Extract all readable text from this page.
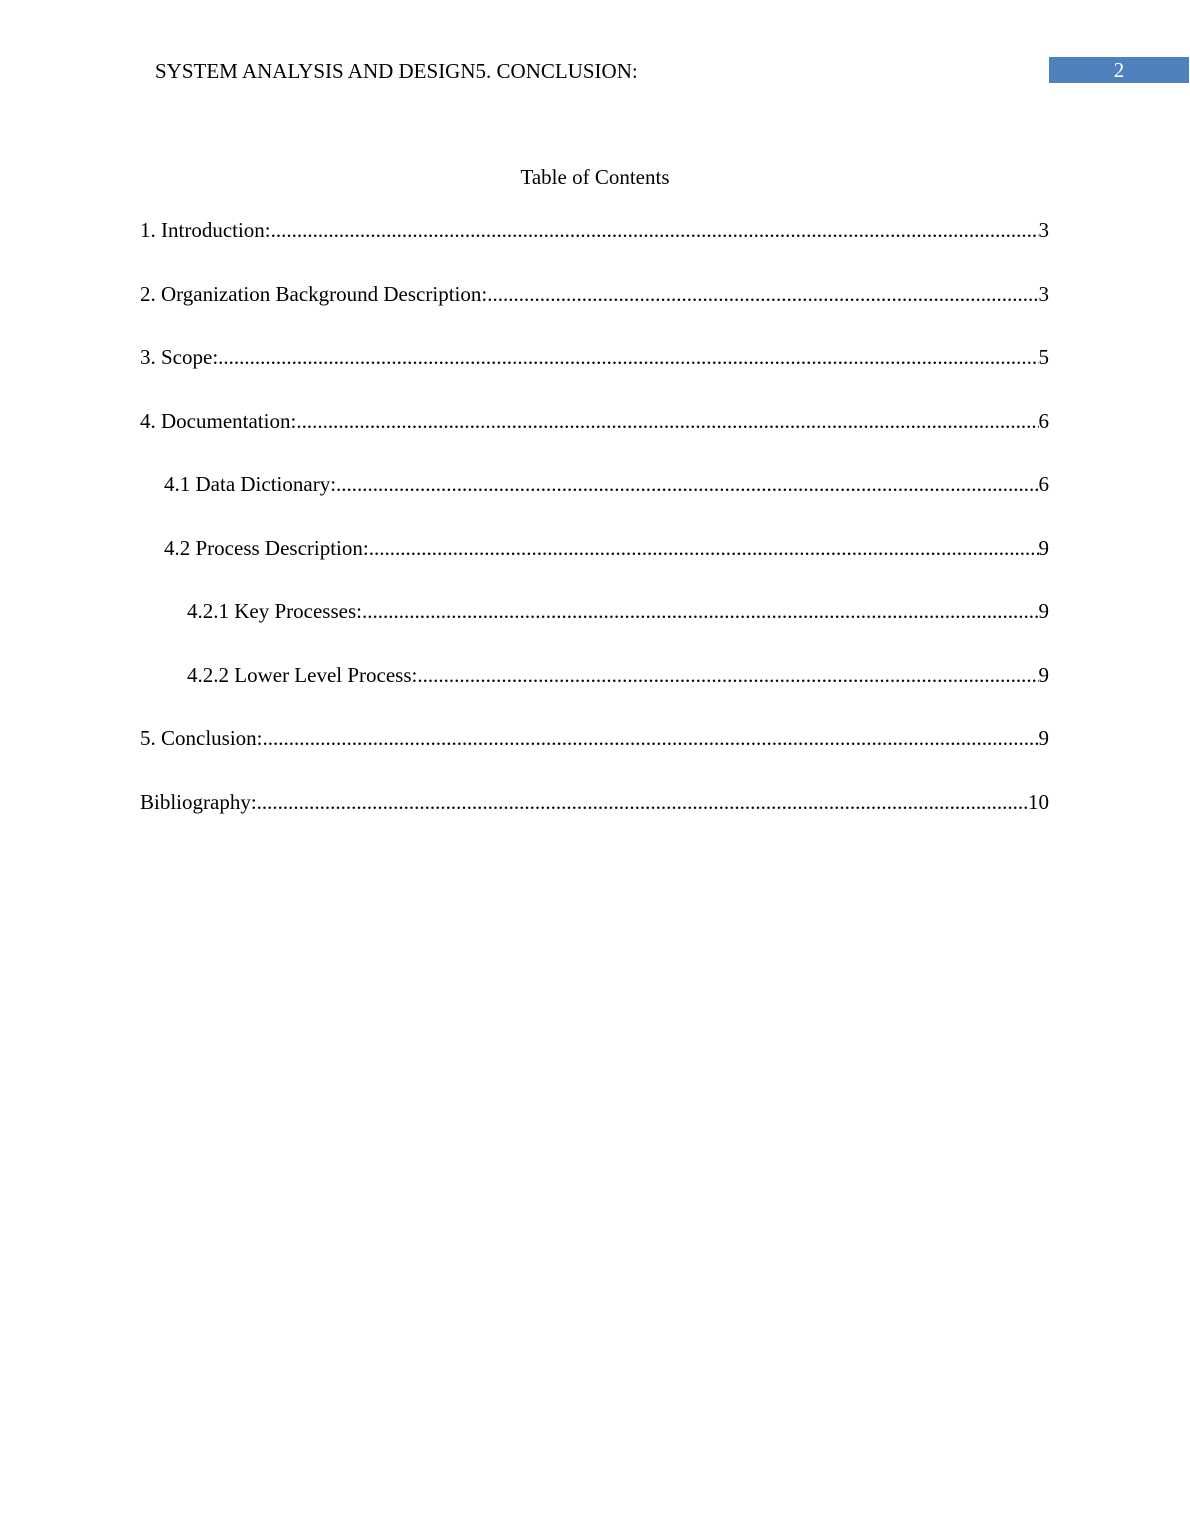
SYSTEM ANALYSIS AND DESIGN5. CONCLUSION:	2
Table of Contents
1. Introduction: .....	3
2. Organization Background Description: .....	3
3. Scope: .....	5
4. Documentation: .....	6
4.1 Data Dictionary: .....	6
4.2 Process Description: .....	9
4.2.1 Key Processes: .....	9
4.2.2 Lower Level Process: .....	9
5. Conclusion: .....	9
Bibliography: .....	10
